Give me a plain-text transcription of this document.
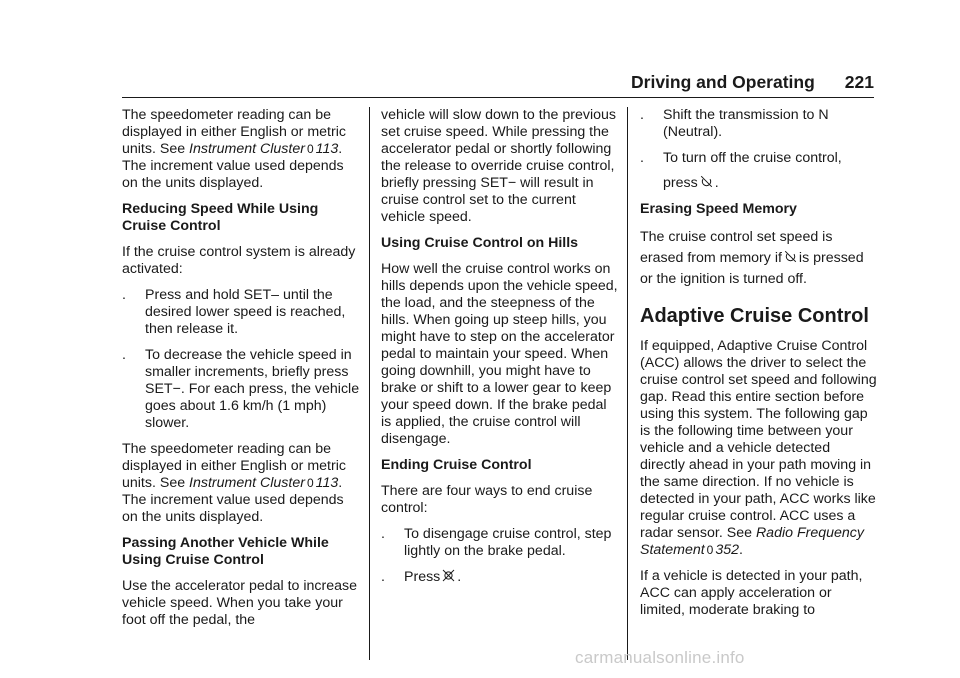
Driving and Operating 221

The speedometer reading can be displayed in either English or metric units. See Instrument Cluster 0 113. The increment value used depends on the units displayed.

Reducing Speed While Using Cruise Control

If the cruise control system is already activated:

. Press and hold SET– until the desired lower speed is reached, then release it.
. To decrease the vehicle speed in smaller increments, briefly press SET−. For each press, the vehicle goes about 1.6 km/h (1 mph) slower.

The speedometer reading can be displayed in either English or metric units. See Instrument Cluster 0 113. The increment value used depends on the units displayed.

Passing Another Vehicle While Using Cruise Control

Use the accelerator pedal to increase vehicle speed. When you take your foot off the pedal, the

vehicle will slow down to the previous set cruise speed. While pressing the accelerator pedal or shortly following the release to override cruise control, briefly pressing SET− will result in cruise control set to the current vehicle speed.

Using Cruise Control on Hills

How well the cruise control works on hills depends upon the vehicle speed, the load, and the steepness of the hills. When going up steep hills, you might have to step on the accelerator pedal to maintain your speed. When going downhill, you might have to brake or shift to a lower gear to keep your speed down. If the brake pedal is applied, the cruise control will disengage.

Ending Cruise Control

There are four ways to end cruise control:

. To disengage cruise control, step lightly on the brake pedal.
. Press .
. Shift the transmission to N (Neutral).
. To turn off the cruise control,
press .
Erasing Speed Memory

The cruise control set speed is
erased from memory if is pressed
or the ignition is turned off.

Adaptive Cruise Control

If equipped, Adaptive Cruise Control (ACC) allows the driver to select the cruise control set speed and following gap. Read this entire section before using this system. The following gap is the following time between your vehicle and a vehicle detected directly ahead in your path moving in the same direction. If no vehicle is detected in your path, ACC works like regular cruise control. ACC uses a radar sensor. See Radio Frequency Statement 0 352.

If a vehicle is detected in your path, ACC can apply acceleration or limited, moderate braking to

carmanualsonline.info
